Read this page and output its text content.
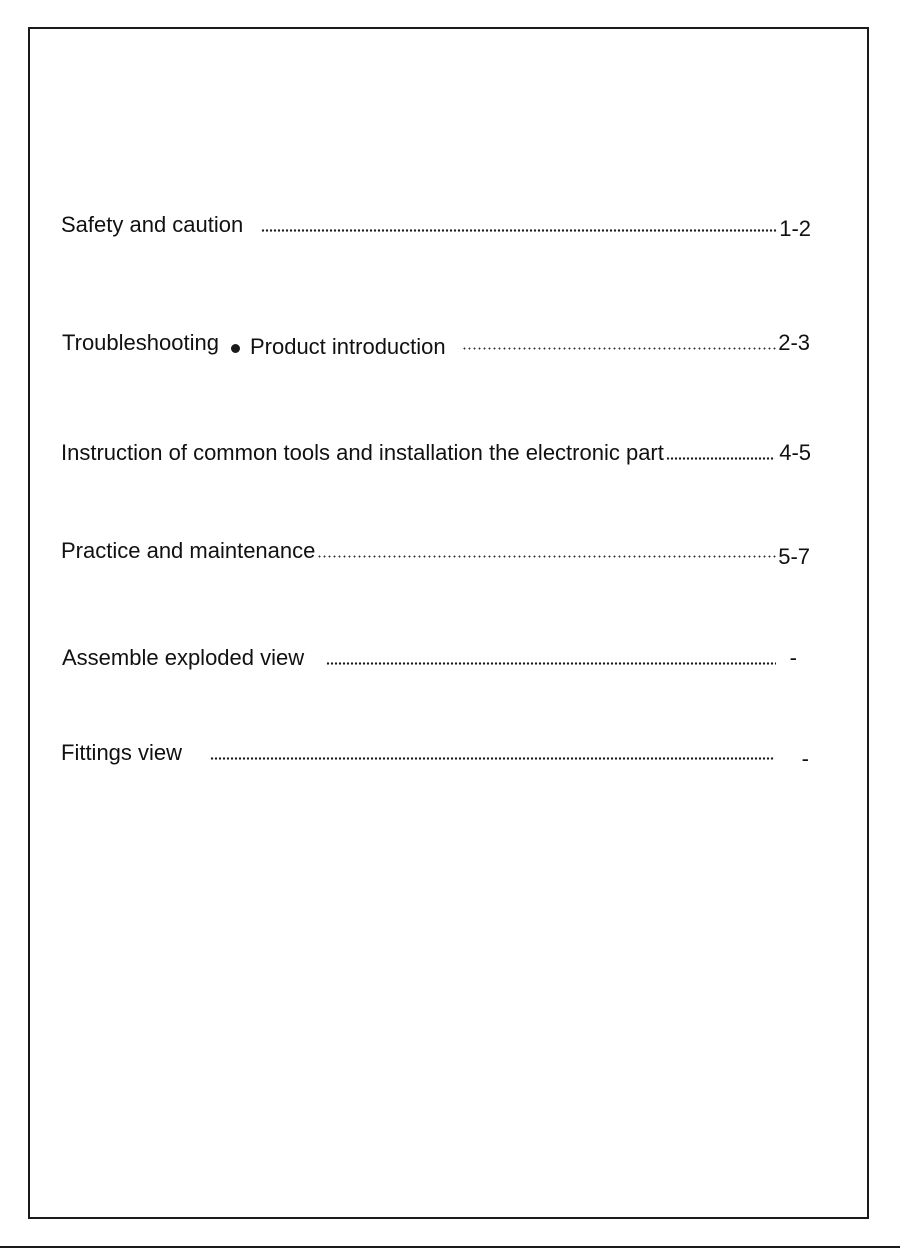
Safety and caution	1-2
Troubleshooting Product introduction	2-3
Instruction of common tools and installation the electronic part	4-5
Practice and maintenance	5-7
Assemble exploded view	-
Fittings view	-
